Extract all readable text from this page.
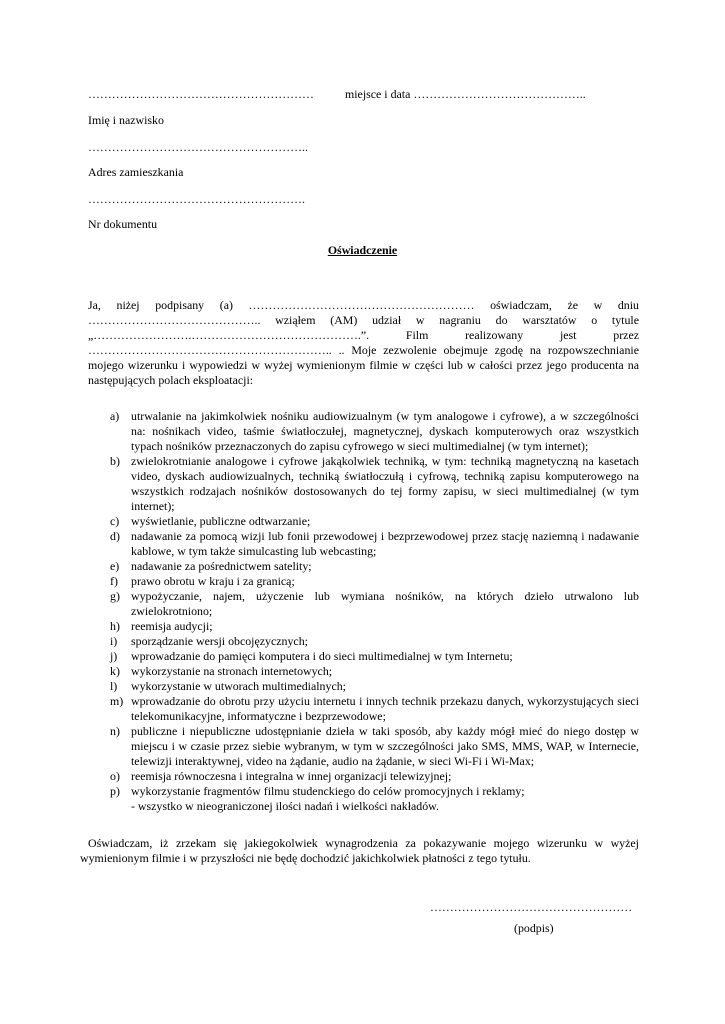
…………………………………………………	miejsce i data ……………………………………..
Imię i nazwisko
………………………………………………..
Adres zamieszkania
……………………………………………….
Nr dokumentu
Oświadczenie
Ja, niżej podpisany (a) ………………………………………………… oświadczam, że w dniu
…………………………………….. wziąłem (AM) udział w nagraniu do warsztatów o tytule
„…………………….…………………………………….”. Film realizowany jest przez
…………………………………………………….. .. Moje zezwolenie obejmuje zgodę na rozpowszechnianie
mojego wizerunku i wypowiedzi w wyżej wymienionym filmie w części lub w całości przez jego producenta na następujących polach eksploatacji:
a) utrwalanie na jakimkolwiek nośniku audiowizualnym (w tym analogowe i cyfrowe), a w szczególności na: nośnikach video, taśmie światłoczułej, magnetycznej, dyskach komputerowych oraz wszystkich typach nośników przeznaczonych do zapisu cyfrowego w sieci multimedialnej (w tym internet);
b) zwielokrotnianie analogowe i cyfrowe jakąkolwiek techniką, w tym: techniką magnetyczną na kasetach video, dyskach audiowizualnych, techniką światłoczułą i cyfrową, techniką zapisu komputerowego na wszystkich rodzajach nośników dostosowanych do tej formy zapisu, w sieci multimedialnej (w tym internet);
c) wyświetlanie, publiczne odtwarzanie;
d) nadawanie za pomocą wizji lub fonii przewodowej i bezprzewodowej przez stację naziemną i nadawanie kablowe, w tym także simulcasting lub webcasting;
e) nadawanie za pośrednictwem satelity;
f) prawo obrotu w kraju i za granicą;
g) wypożyczanie, najem, użyczenie lub wymiana nośników, na których dzieło utrwalono lub zwielokrotniono;
h) reemisja audycji;
i) sporządzanie wersji obcojęzycznych;
j) wprowadzanie do pamięci komputera i do sieci multimedialnej w tym Internetu;
k) wykorzystanie na stronach internetowych;
l) wykorzystanie w utworach multimedialnych;
m) wprowadzanie do obrotu przy użyciu internetu i innych technik przekazu danych, wykorzystujących sieci telekomunikacyjne, informatyczne i bezprzewodowe;
n) publiczne i niepubliczne udostępnianie dzieła w taki sposób, aby każdy mógł mieć do niego dostęp w miejscu i w czasie przez siebie wybranym, w tym w szczególności jako SMS, MMS, WAP, w Internecie, telewizji interaktywnej, video na żądanie, audio na żądanie, w sieci Wi-Fi i Wi-Max;
o) reemisja równoczesna i integralna w innej organizacji telewizyjnej;
p) wykorzystanie fragmentów filmu studenckiego do celów promocyjnych i reklamy;
- wszystko w nieograniczonej ilości nadań i wielkości nakładów.
Oświadczam, iż zrzekam się jakiegokolwiek wynagrodzenia za pokazywanie mojego wizerunku w wyżej wymienionym filmie i w przyszłości nie będę dochodzić jakichkolwiek płatności z tego tytułu.
……………………………………………
(podpis)
